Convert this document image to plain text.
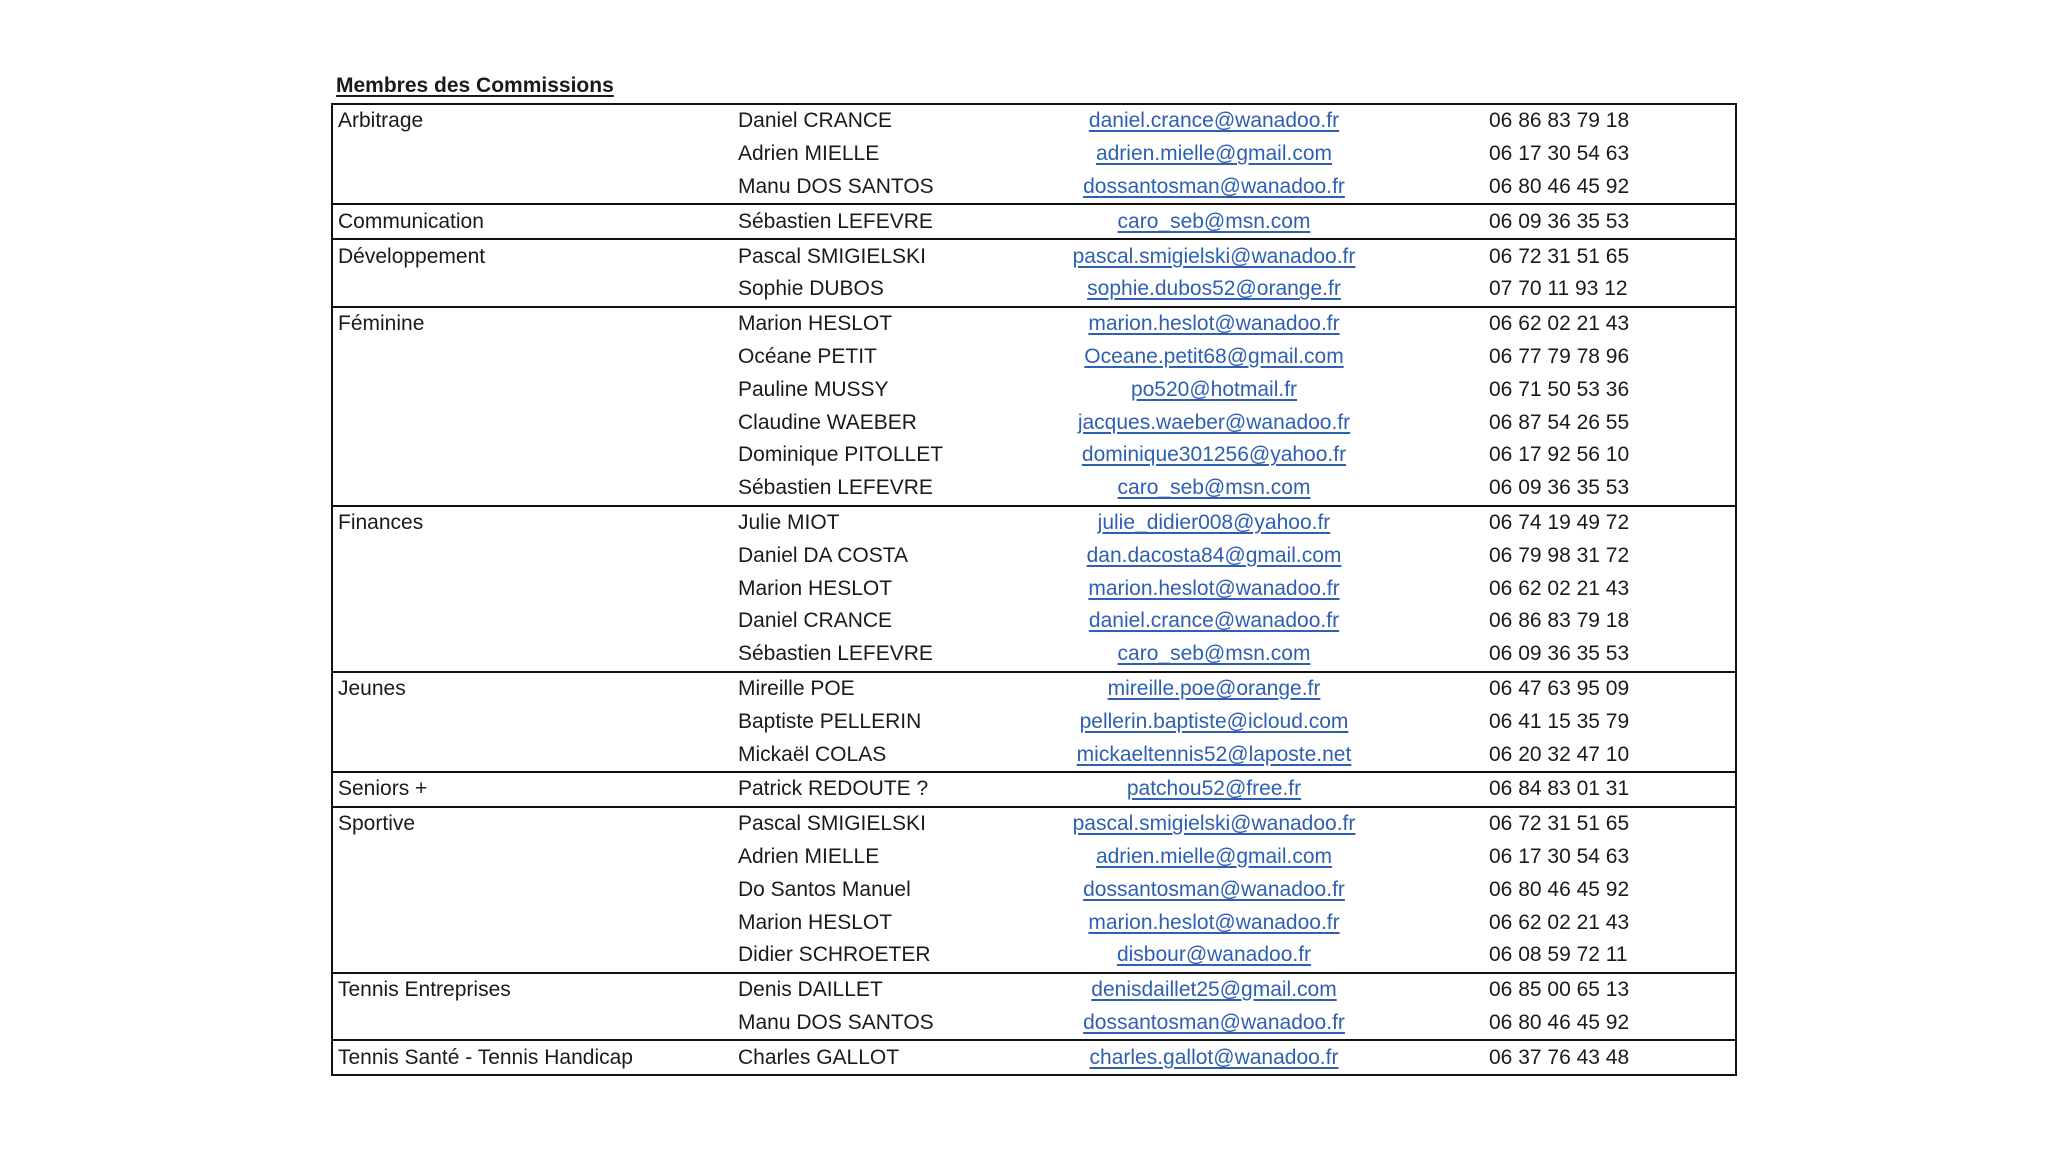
Membres des Commissions
Arbitrage	Daniel CRANCE	daniel.crance@wanadoo.fr	06 86 83 79 18
	Adrien MIELLE	adrien.mielle@gmail.com	06 17 30 54 63
	Manu DOS SANTOS	dossantosman@wanadoo.fr	06 80 46 45 92
Communication	Sébastien LEFEVRE	caro_seb@msn.com	06 09 36 35 53
Développement	Pascal SMIGIELSKI	pascal.smigielski@wanadoo.fr	06 72 31 51 65
	Sophie DUBOS	sophie.dubos52@orange.fr	07 70 11 93 12
Féminine	Marion HESLOT	marion.heslot@wanadoo.fr	06 62 02 21 43
	Océane PETIT	Oceane.petit68@gmail.com	06 77 79 78 96
	Pauline MUSSY	po520@hotmail.fr	06 71 50 53 36
	Claudine WAEBER	jacques.waeber@wanadoo.fr	06 87 54 26 55
	Dominique PITOLLET	dominique301256@yahoo.fr	06 17 92 56 10
	Sébastien LEFEVRE	caro_seb@msn.com	06 09 36 35 53
Finances	Julie MIOT	julie_didier008@yahoo.fr	06 74 19 49 72
	Daniel DA COSTA	dan.dacosta84@gmail.com	06 79 98 31 72
	Marion HESLOT	marion.heslot@wanadoo.fr	06 62 02 21 43
	Daniel CRANCE	daniel.crance@wanadoo.fr	06 86 83 79 18
	Sébastien LEFEVRE	caro_seb@msn.com	06 09 36 35 53
Jeunes	Mireille POE	mireille.poe@orange.fr	06 47 63 95 09
	Baptiste PELLERIN	pellerin.baptiste@icloud.com	06 41 15 35 79
	Mickaël COLAS	mickaeltennis52@laposte.net	06 20 32 47 10
Seniors +	Patrick REDOUTE ?	patchou52@free.fr	06 84 83 01 31
Sportive	Pascal SMIGIELSKI	pascal.smigielski@wanadoo.fr	06 72 31 51 65
	Adrien MIELLE	adrien.mielle@gmail.com	06 17 30 54 63
	Do Santos Manuel	dossantosman@wanadoo.fr	06 80 46 45 92
	Marion HESLOT	marion.heslot@wanadoo.fr	06 62 02 21 43
	Didier SCHROETER	disbour@wanadoo.fr	06 08 59 72 11
Tennis Entreprises	Denis DAILLET	denisdaillet25@gmail.com	06 85 00 65 13
	Manu DOS SANTOS	dossantosman@wanadoo.fr	06 80 46 45 92
Tennis Santé - Tennis Handicap	Charles GALLOT	charles.gallot@wanadoo.fr	06 37 76 43 48
